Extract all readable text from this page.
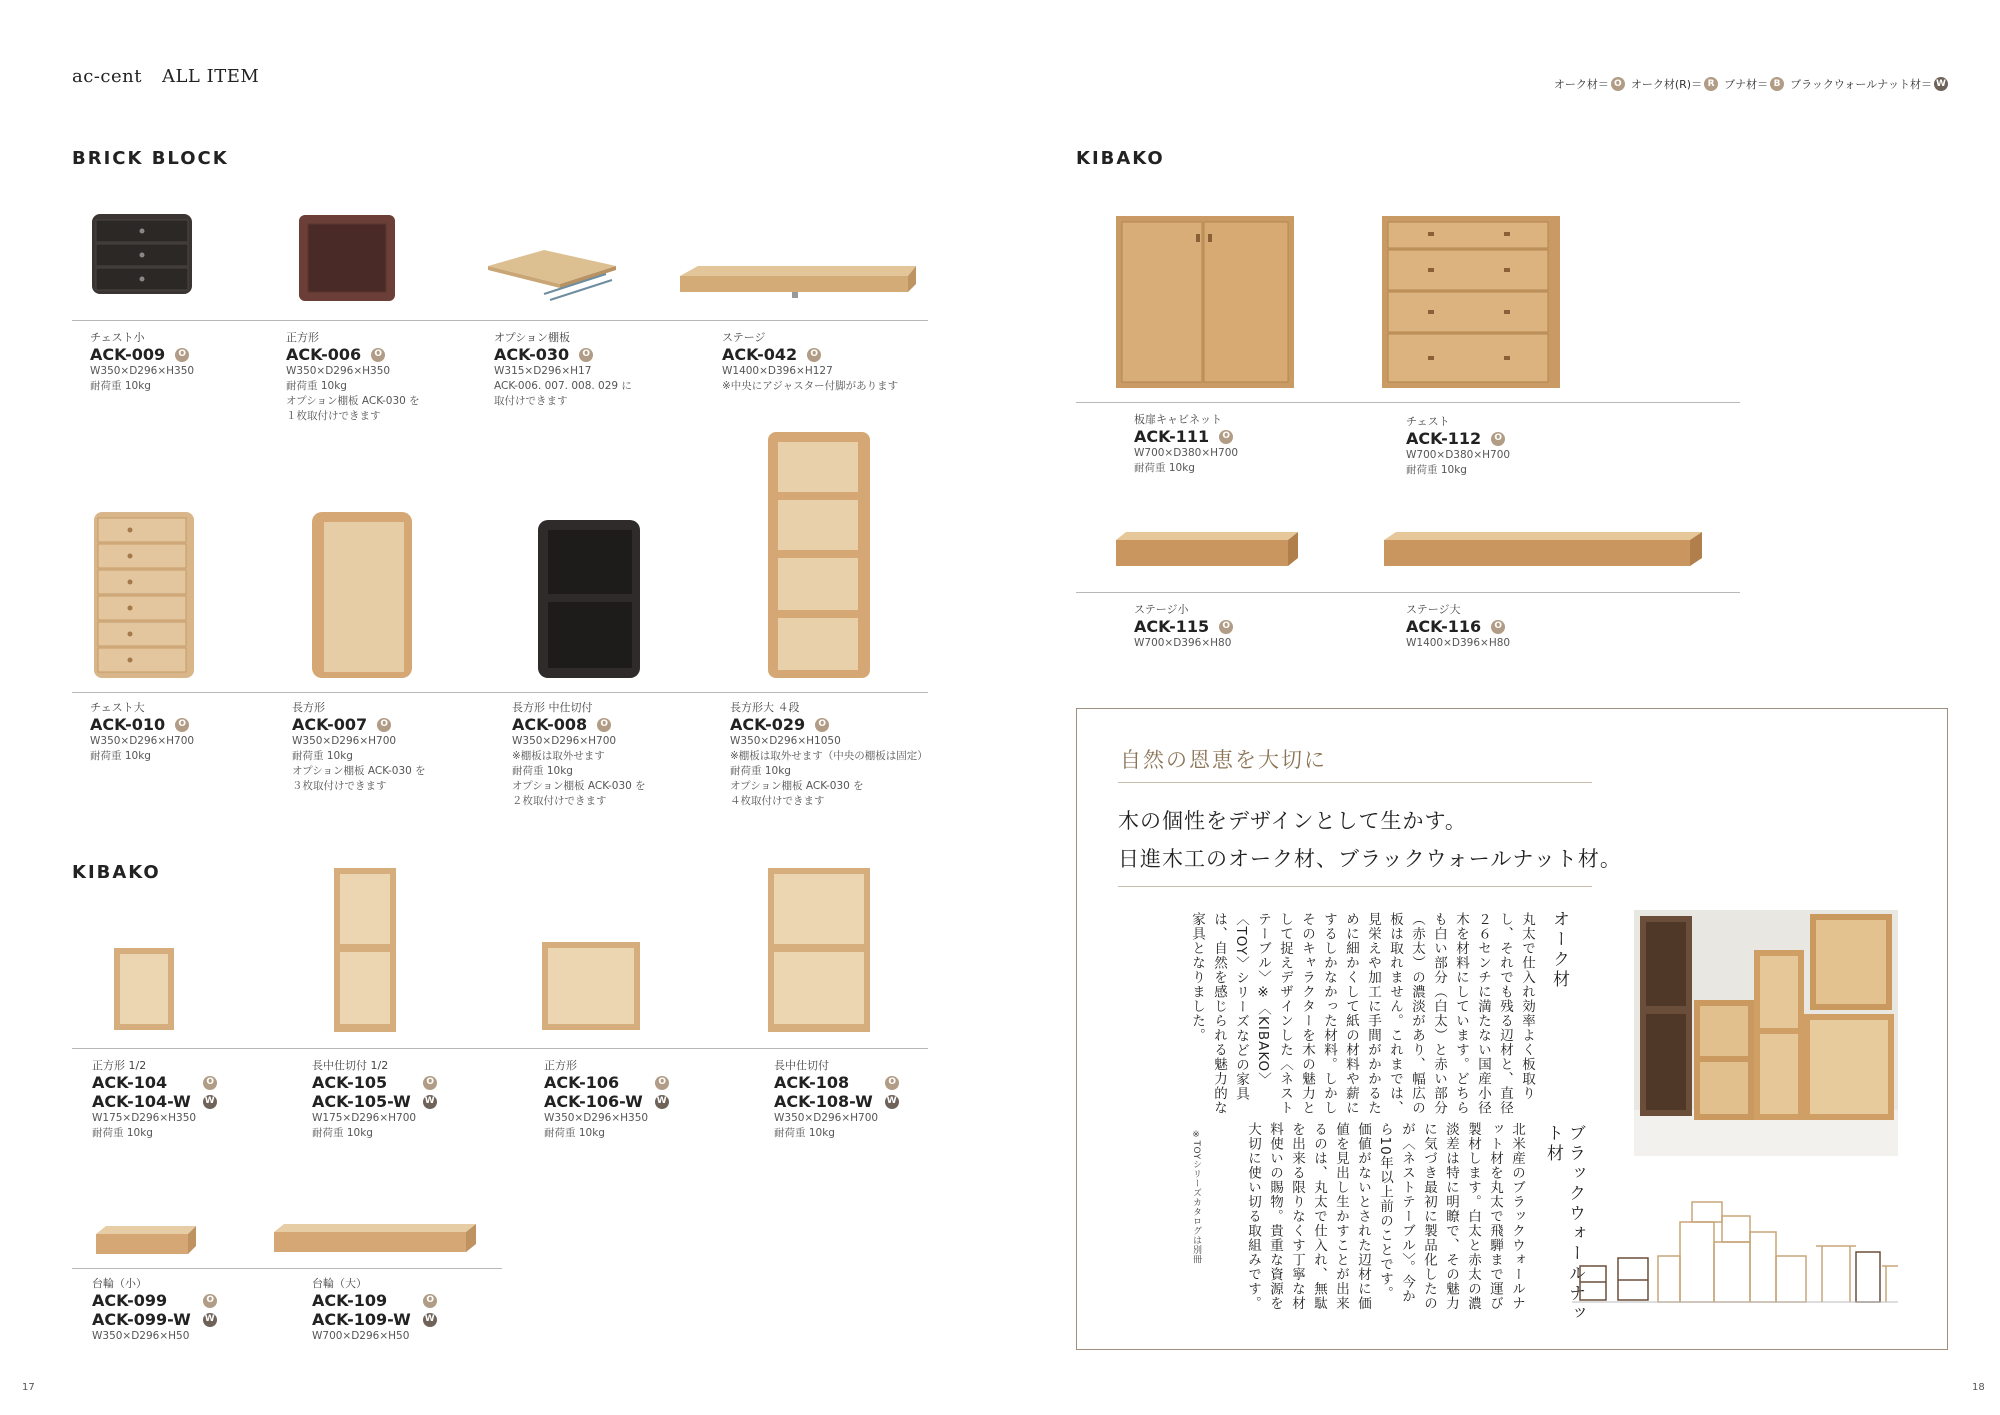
ac-cent ALL ITEM	オーク材＝ O オーク材(R)＝ R ブナ材＝ B ブラックウォールナット材＝ W
BRICK BLOCK
チェスト小
ACK-009	O
W350×D296×H350
耐荷重 10kg
正方形
ACK-006	O
W350×D296×H350
耐荷重 10kg
オプション棚板 ACK-030 を
１枚取付けできます
オプション棚板
ACK-030	O
W315×D296×H17
ACK-006. 007. 008. 029 に
取付けできます
ステージ
ACK-042	O
W1400×D396×H127
※中央にアジャスター付脚があります
チェスト大
ACK-010	O
W350×D296×H700
耐荷重 10kg
長方形
ACK-007	O
W350×D296×H700
耐荷重 10kg
オプション棚板 ACK-030 を
３枚取付けできます
長方形 中仕切付
ACK-008	O
W350×D296×H700
※棚板は取外せます
耐荷重 10kg
オプション棚板 ACK-030 を
２枚取付けできます
長方形大 ４段
ACK-029	O
W350×D296×H1050
※棚板は取外せます（中央の棚板は固定）
耐荷重 10kg
オプション棚板 ACK-030 を
４枚取付けできます
KIBAKO
正方形 1/2
ACK-104	O
ACK-104-W W
W175×D296×H350
耐荷重 10kg
長中仕切付 1/2
ACK-105	O
ACK-105-W W
W175×D296×H700
耐荷重 10kg
正方形
ACK-106	O
ACK-106-W W
W350×D296×H350
耐荷重 10kg
長中仕切付
ACK-108	O
ACK-108-W W
W350×D296×H700
耐荷重 10kg
台輪（小）
ACK-099	O
ACK-099-W W
W350×D296×H50
台輪（大）
ACK-109	O
ACK-109-W W
W700×D296×H50
17
KIBAKO
板扉キャビネット
ACK-111	O
W700×D380×H700
耐荷重 10kg
チェスト
ACK-112	O
W700×D380×H700
耐荷重 10kg
ステージ小
ACK-115	O
W700×D396×H80
ステージ大
ACK-116	O
W1400×D396×H80
自然の恩恵を大切に
木の個性をデザインとして生かす。
日進木工のオーク材、ブラックウォールナット材。
オーク材
丸太で仕入れ効率よく板取りし、それでも残る辺材と、直径２６センチに満たない国産小径木を材料にしています。どちらも白い部分（白太）と赤い部分（赤太）の濃淡があり、幅広の板は取れません。これまでは、見栄えや加工に手間がかかるために細かくして紙の材料や薪にするしかなかった材料。しかしそのキャラクターを木の魅力として捉えデザインした〈ネストテーブル〉※〈KIBAKO〉〈TOY〉シリーズなどの家具は、自然を感じられる魅力的な家具となりました。
ブラックウォールナット材
北米産のブラックウォールナット材を丸太で飛騨まで運び製材します。白太と赤太の濃淡差は特に明瞭で、その魅力に気づき最初に製品化したのが〈ネストテーブル〉。今から10年以上前のことです。価値がないとされた辺材に価値を見出し生かすことが出来るのは、丸太で仕入れ、無駄を出来る限りなくす丁寧な材料使いの賜物。貴重な資源を大切に使い切る取組みです。
※TOYシリーズカタログは別冊
18
